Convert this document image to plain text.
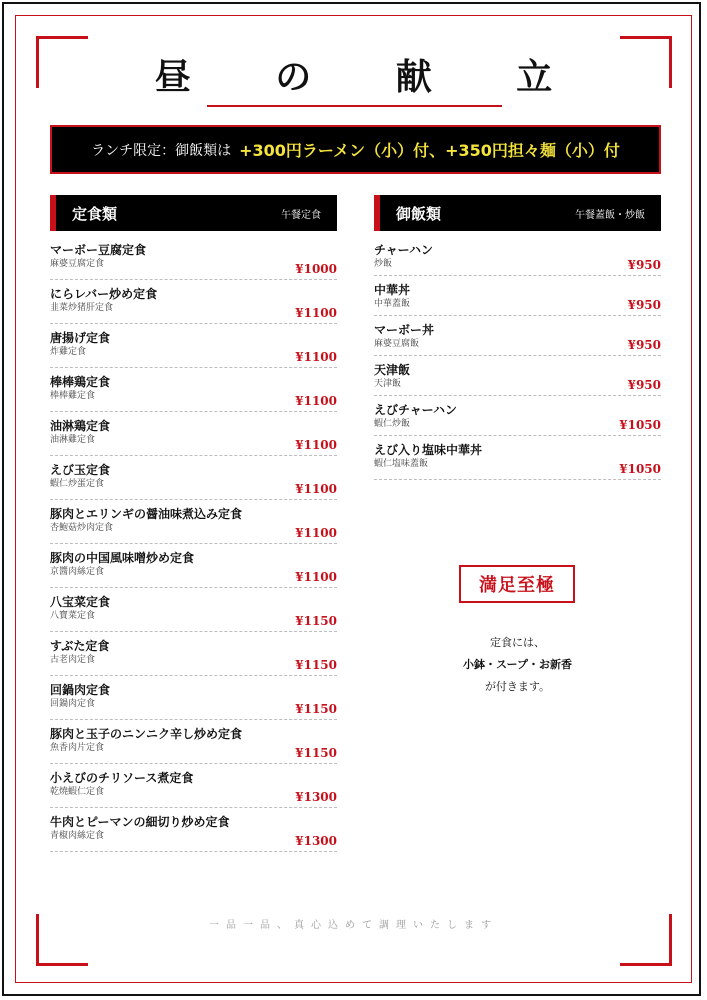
昼 の 献 立
ランチ限定：御飯類は +300円ラーメン（小）付、+350円担々麺（小）付
定食類	午餐定食
マーボー豆腐定食
麻婆豆腐定食	¥1000
にらレバー炒め定食
韭菜炒猪肝定食	¥1100
唐揚げ定食
炸雞定食	¥1100
棒棒鶏定食
棒棒雞定食	¥1100
油淋鶏定食
油淋雞定食	¥1100
えび玉定食
蝦仁炒蛋定食	¥1100
豚肉とエリンギの醤油味煮込み定食
杏鮑菇炒肉定食	¥1100
豚肉の中国風味噌炒め定食
京醬肉絲定食	¥1100
八宝菜定食
八寶菜定食	¥1150
すぶた定食
古老肉定食	¥1150
回鍋肉定食
回鍋肉定食	¥1150
豚肉と玉子のニンニク辛し炒め定食
魚香肉片定食	¥1150
小えびのチリソース煮定食
乾燒蝦仁定食	¥1300
牛肉とピーマンの細切り炒め定食
青椒肉絲定食	¥1300
御飯類	午餐蓋飯・炒飯
チャーハン
炒飯	¥950
中華丼
中華蓋飯	¥950
マーボー丼
麻婆豆腐飯	¥950
天津飯
天津飯	¥950
えびチャーハン
蝦仁炒飯	¥1050
えび入り塩味中華丼
蝦仁塩味蓋飯	¥1050
満足至極
定食には、
小鉢・スープ・お新香
が付きます。
一品一品、真心込めて調理いたします
